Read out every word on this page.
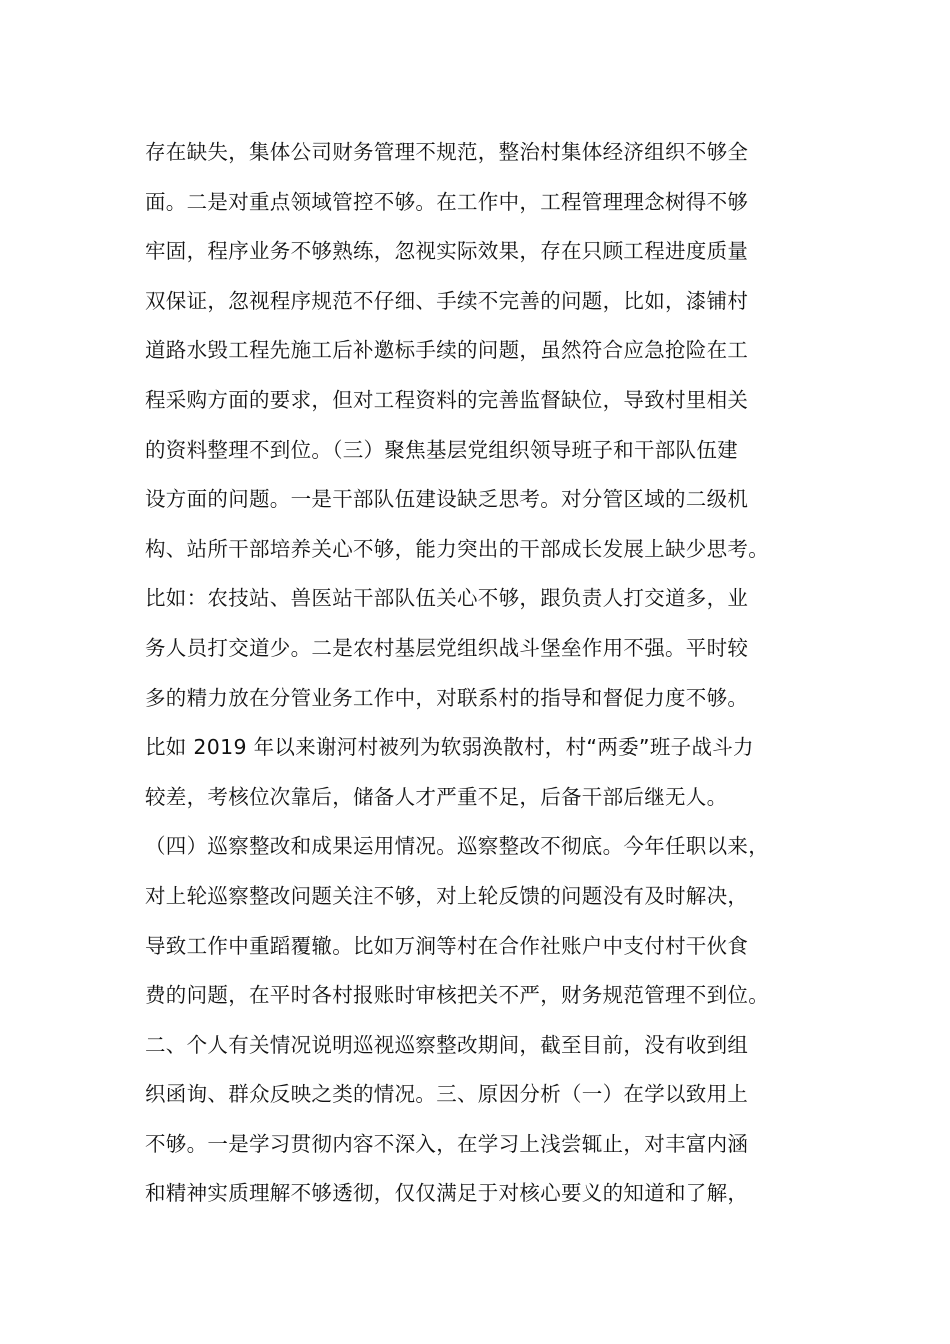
存在缺失，集体公司财务管理不规范，整治村集体经济组织不够全
面。二是对重点领域管控不够。在工作中，工程管理理念树得不够
牢固，程序业务不够熟练，忽视实际效果，存在只顾工程进度质量
双保证，忽视程序规范不仔细、手续不完善的问题，比如，漆铺村
道路水毁工程先施工后补邀标手续的问题，虽然符合应急抢险在工
程采购方面的要求，但对工程资料的完善监督缺位，导致村里相关
的资料整理不到位。（三）聚焦基层党组织领导班子和干部队伍建
设方面的问题。一是干部队伍建设缺乏思考。对分管区域的二级机
构、站所干部培养关心不够，能力突出的干部成长发展上缺少思考。
比如：农技站、兽医站干部队伍关心不够，跟负责人打交道多，业
务人员打交道少。二是农村基层党组织战斗堡垒作用不强。平时较
多的精力放在分管业务工作中，对联系村的指导和督促力度不够。
比如 2019 年以来谢河村被列为软弱涣散村，村“两委”班子战斗力
较差，考核位次靠后，储备人才严重不足，后备干部后继无人。
（四）巡察整改和成果运用情况。巡察整改不彻底。今年任职以来，
对上轮巡察整改问题关注不够，对上轮反馈的问题没有及时解决，
导致工作中重蹈覆辙。比如万涧等村在合作社账户中支付村干伙食
费的问题，在平时各村报账时审核把关不严，财务规范管理不到位。
二、个人有关情况说明巡视巡察整改期间，截至目前，没有收到组
织函询、群众反映之类的情况。三、原因分析（一）在学以致用上
不够。一是学习贯彻内容不深入，在学习上浅尝辄止，对丰富内涵
和精神实质理解不够透彻，仅仅满足于对核心要义的知道和了解，
